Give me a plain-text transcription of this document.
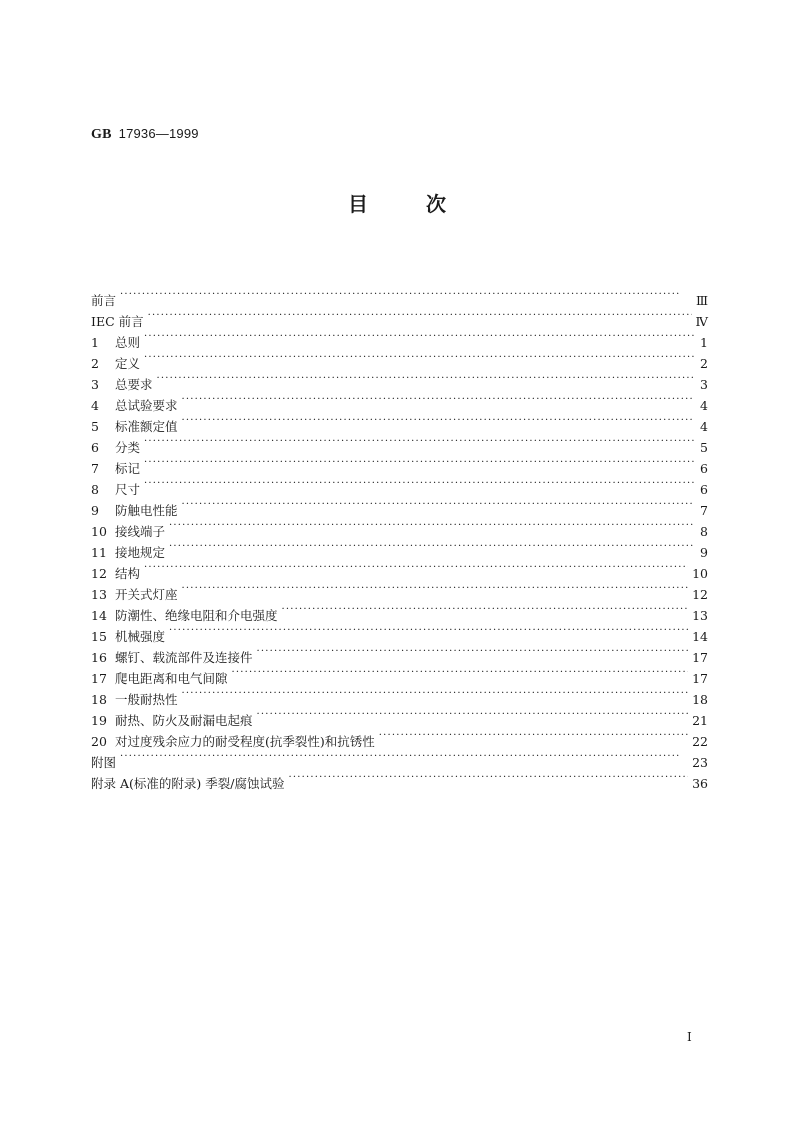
GB 17936—1999
目次
前言 ·····	Ⅲ
IEC 前言 ·····	Ⅳ
1	总则 ·····	1
2	定义 ·····	2
3	总要求 ·····	3
4	总试验要求 ·····	4
5	标准额定值 ·····	4
6	分类 ·····	5
7	标记 ·····	6
8	尺寸 ·····	6
9	防触电性能 ·····	7
10 接线端子 ·····	8
11 接地规定 ·····	9
12 结构 ·····	10
13 开关式灯座 ·····	12
14 防潮性、绝缘电阻和介电强度 ·····	13
15 机械强度 ·····	14
16 螺钉、载流部件及连接件 ·····	17
17 爬电距离和电气间隙 ·····	17
18 一般耐热性 ·····	18
19 耐热、防火及耐漏电起痕 ·····	21
20 对过度残余应力的耐受程度(抗季裂性)和抗锈性 ·····	22
附图 ·····	23
附录 A(标准的附录) 季裂/腐蚀试验 ·····	36
I
